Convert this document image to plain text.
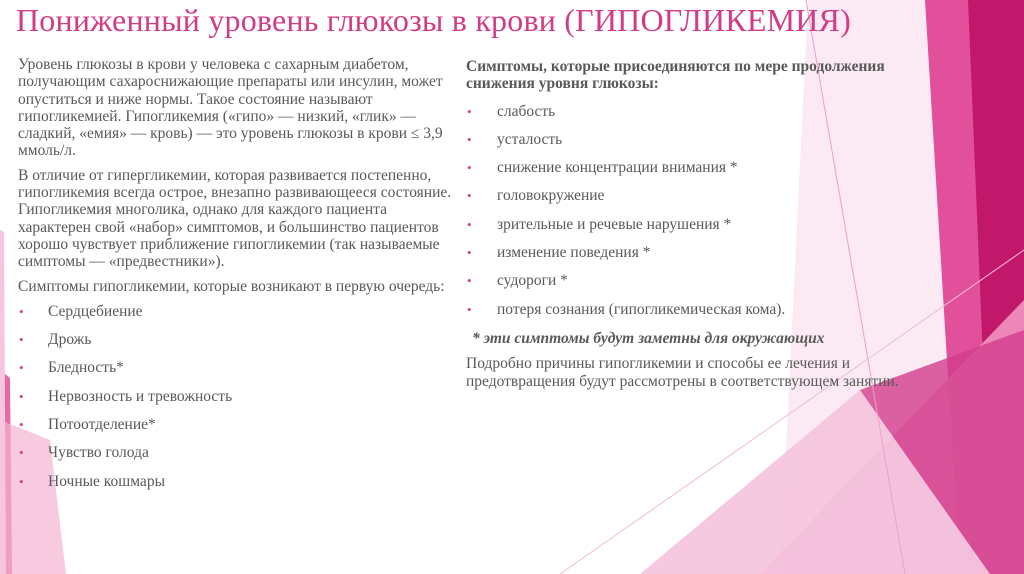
Пониженный уровень глюкозы в крови (ГИПОГЛИКЕМИЯ)

Уровень глюкозы в крови у человека с сахарным диабетом, получающим сахароснижающие препараты или инсулин, может опуститься и ниже нормы. Такое состояние называют гипогликемией. Гипогликемия («гипо» — низкий, «глик» — сладкий, «емия» — кровь) — это уровень глюкозы в крови ≤ 3,9 ммоль/л.

В отличие от гипергликемии, которая развивается постепенно, гипогликемия всегда острое, внезапно развивающееся состояние. Гипогликемия многолика, однако для каждого пациента характерен свой «набор» симптомов, и большинство пациентов хорошо чувствует приближение гипогликемии (так называемые симптомы — «предвестники»).

Симптомы гипогликемии, которые возникают в первую очередь:

• Сердцебиение
• Дрожь
• Бледность*
• Нервозность и тревожность
• Потоотделение*
• Чувство голода
• Ночные кошмары

Симптомы, которые присоединяются по мере продолжения снижения уровня глюкозы:

• слабость
• усталость
• снижение концентрации внимания *
• головокружение
• зрительные и речевые нарушения *
• изменение поведения *
• судороги *
• потеря сознания (гипогликемическая кома).

* эти симптомы будут заметны для окружающих

Подробно причины гипогликемии и способы ее лечения и предотвращения будут рассмотрены в соответствующем занятии.
